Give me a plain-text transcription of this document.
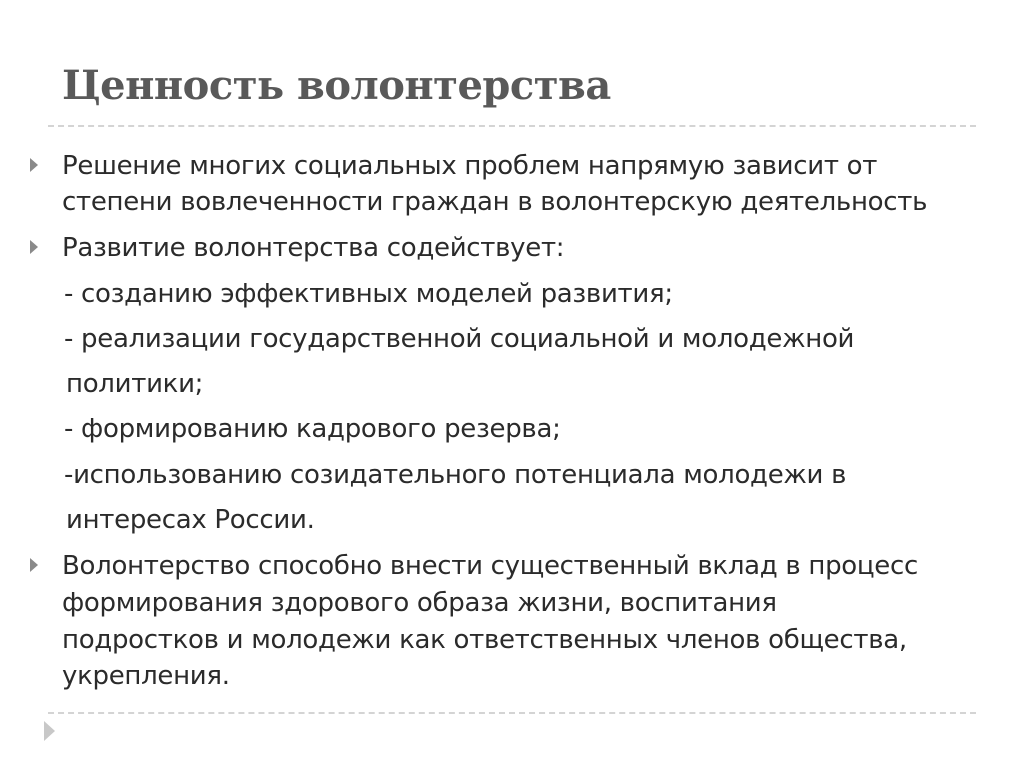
Ценность волонтерства
Решение многих социальных проблем напрямую зависит от
степени вовлеченности граждан в волонтерскую деятельность
Развитие волонтерства содействует:
- созданию эффективных моделей развития;
- реализации государственной социальной и молодежной
политики;
- формированию кадрового резерва;
-использованию созидательного потенциала молодежи в
интересах России.
Волонтерство способно внести существенный вклад в процесс
формирования здорового образа жизни, воспитания
подростков и молодежи как ответственных членов общества,
укрепления.
